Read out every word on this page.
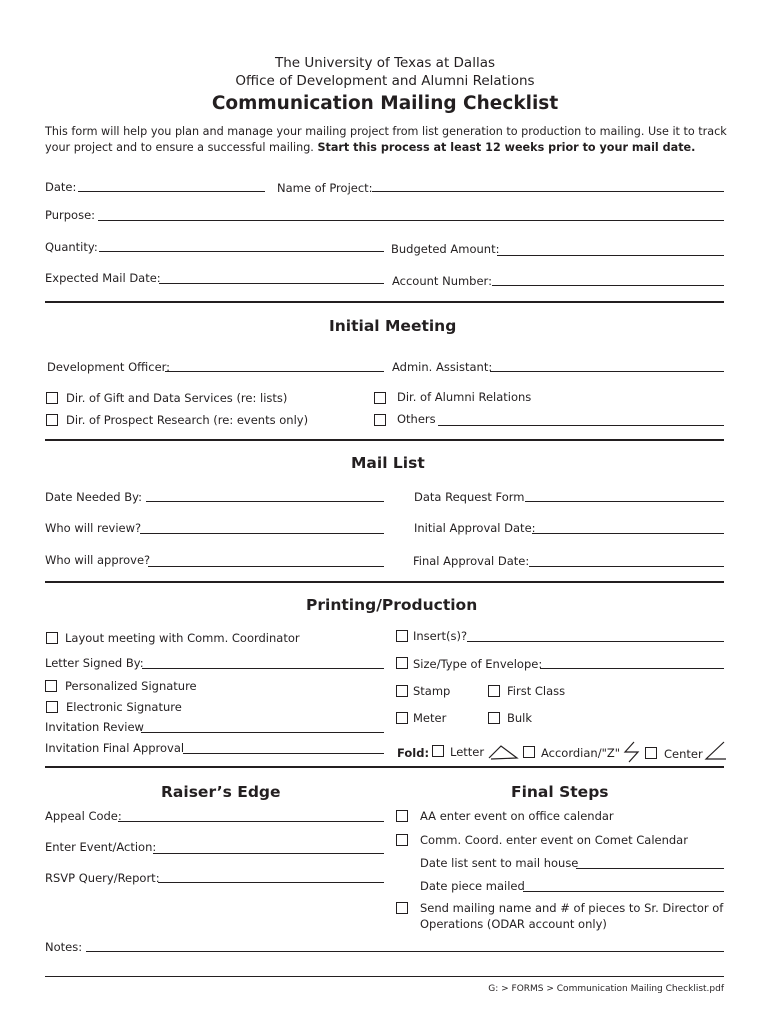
The University of Texas at Dallas
Office of Development and Alumni Relations
Communication Mailing Checklist
This form will help you plan and manage your mailing project from list generation to production to mailing. Use it to track your project and to ensure a successful mailing. Start this process at least 12 weeks prior to your mail date.
Date:	Name of Project:
Purpose:
Quantity:	Budgeted Amount:
Expected Mail Date:	Account Number:
Initial Meeting
Development Officer:	Admin. Assistant:
Dir. of Gift and Data Services (re: lists)	Dir. of Alumni Relations
Dir. of Prospect Research (re: events only)	Others
Mail List
Date Needed By:	Data Request Form
Who will review?	Initial Approval Date:
Who will approve?	Final Approval Date:
Printing/Production
Layout meeting with Comm. Coordinator	Insert(s)?
Letter Signed By:	Size/Type of Envelope:
Personalized Signature	Stamp	First Class
Electronic Signature
Meter	Bulk
Invitation Review
Invitation Final Approval	Fold: Letter	Accordian/"Z"	Center
Raiser’s Edge
Appeal Code:
Enter Event/Action:
RSVP Query/Report:
Final Steps
AA enter event on office calendar
Comm. Coord. enter event on Comet Calendar
Date list sent to mail house
Date piece mailed
Send mailing name and # of pieces to Sr. Director of
Operations (ODAR account only)
Notes:
G: > FORMS > Communication Mailing Checklist.pdf
